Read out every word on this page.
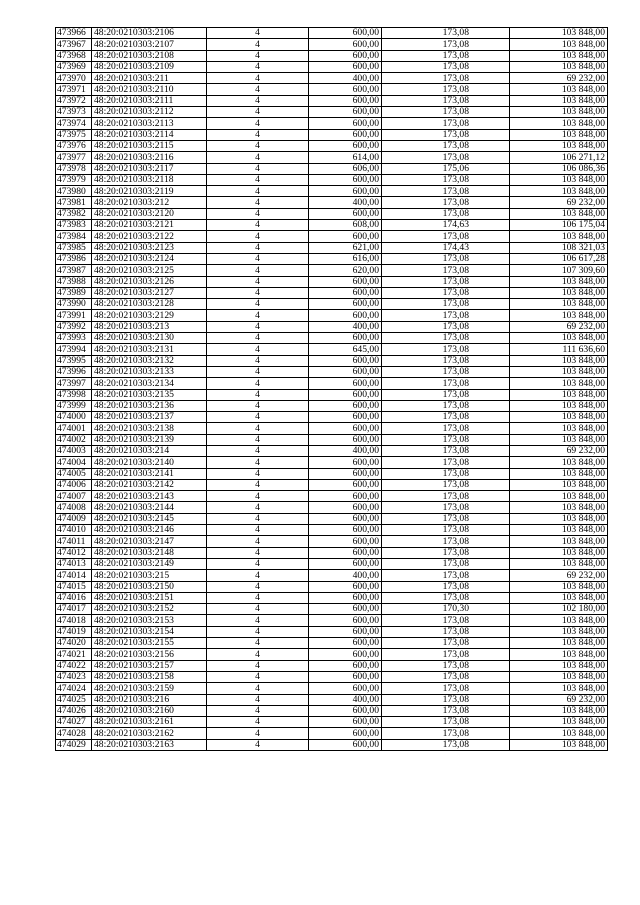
473966	48:20:0210303:2106	4	600,00	173,08	103 848,00
473967	48:20:0210303:2107	4	600,00	173,08	103 848,00
473968	48:20:0210303:2108	4	600,00	173,08	103 848,00
473969	48:20:0210303:2109	4	600,00	173,08	103 848,00
473970	48:20:0210303:211	4	400,00	173,08	69 232,00
473971	48:20:0210303:2110	4	600,00	173,08	103 848,00
473972	48:20:0210303:2111	4	600,00	173,08	103 848,00
473973	48:20:0210303:2112	4	600,00	173,08	103 848,00
473974	48:20:0210303:2113	4	600,00	173,08	103 848,00
473975	48:20:0210303:2114	4	600,00	173,08	103 848,00
473976	48:20:0210303:2115	4	600,00	173,08	103 848,00
473977	48:20:0210303:2116	4	614,00	173,08	106 271,12
473978	48:20:0210303:2117	4	606,00	175,06	106 086,36
473979	48:20:0210303:2118	4	600,00	173,08	103 848,00
473980	48:20:0210303:2119	4	600,00	173,08	103 848,00
473981	48:20:0210303:212	4	400,00	173,08	69 232,00
473982	48:20:0210303:2120	4	600,00	173,08	103 848,00
473983	48:20:0210303:2121	4	608,00	174,63	106 175,04
473984	48:20:0210303:2122	4	600,00	173,08	103 848,00
473985	48:20:0210303:2123	4	621,00	174,43	108 321,03
473986	48:20:0210303:2124	4	616,00	173,08	106 617,28
473987	48:20:0210303:2125	4	620,00	173,08	107 309,60
473988	48:20:0210303:2126	4	600,00	173,08	103 848,00
473989	48:20:0210303:2127	4	600,00	173,08	103 848,00
473990	48:20:0210303:2128	4	600,00	173,08	103 848,00
473991	48:20:0210303:2129	4	600,00	173,08	103 848,00
473992	48:20:0210303:213	4	400,00	173,08	69 232,00
473993	48:20:0210303:2130	4	600,00	173,08	103 848,00
473994	48:20:0210303:2131	4	645,00	173,08	111 636,60
473995	48:20:0210303:2132	4	600,00	173,08	103 848,00
473996	48:20:0210303:2133	4	600,00	173,08	103 848,00
473997	48:20:0210303:2134	4	600,00	173,08	103 848,00
473998	48:20:0210303:2135	4	600,00	173,08	103 848,00
473999	48:20:0210303:2136	4	600,00	173,08	103 848,00
474000	48:20:0210303:2137	4	600,00	173,08	103 848,00
474001	48:20:0210303:2138	4	600,00	173,08	103 848,00
474002	48:20:0210303:2139	4	600,00	173,08	103 848,00
474003	48:20:0210303:214	4	400,00	173,08	69 232,00
474004	48:20:0210303:2140	4	600,00	173,08	103 848,00
474005	48:20:0210303:2141	4	600,00	173,08	103 848,00
474006	48:20:0210303:2142	4	600,00	173,08	103 848,00
474007	48:20:0210303:2143	4	600,00	173,08	103 848,00
474008	48:20:0210303:2144	4	600,00	173,08	103 848,00
474009	48:20:0210303:2145	4	600,00	173,08	103 848,00
474010	48:20:0210303:2146	4	600,00	173,08	103 848,00
474011	48:20:0210303:2147	4	600,00	173,08	103 848,00
474012	48:20:0210303:2148	4	600,00	173,08	103 848,00
474013	48:20:0210303:2149	4	600,00	173,08	103 848,00
474014	48:20:0210303:215	4	400,00	173,08	69 232,00
474015	48:20:0210303:2150	4	600,00	173,08	103 848,00
474016	48:20:0210303:2151	4	600,00	173,08	103 848,00
474017	48:20:0210303:2152	4	600,00	170,30	102 180,00
474018	48:20:0210303:2153	4	600,00	173,08	103 848,00
474019	48:20:0210303:2154	4	600,00	173,08	103 848,00
474020	48:20:0210303:2155	4	600,00	173,08	103 848,00
474021	48:20:0210303:2156	4	600,00	173,08	103 848,00
474022	48:20:0210303:2157	4	600,00	173,08	103 848,00
474023	48:20:0210303:2158	4	600,00	173,08	103 848,00
474024	48:20:0210303:2159	4	600,00	173,08	103 848,00
474025	48:20:0210303:216	4	400,00	173,08	69 232,00
474026	48:20:0210303:2160	4	600,00	173,08	103 848,00
474027	48:20:0210303:2161	4	600,00	173,08	103 848,00
474028	48:20:0210303:2162	4	600,00	173,08	103 848,00
474029	48:20:0210303:2163	4	600,00	173,08	103 848,00
